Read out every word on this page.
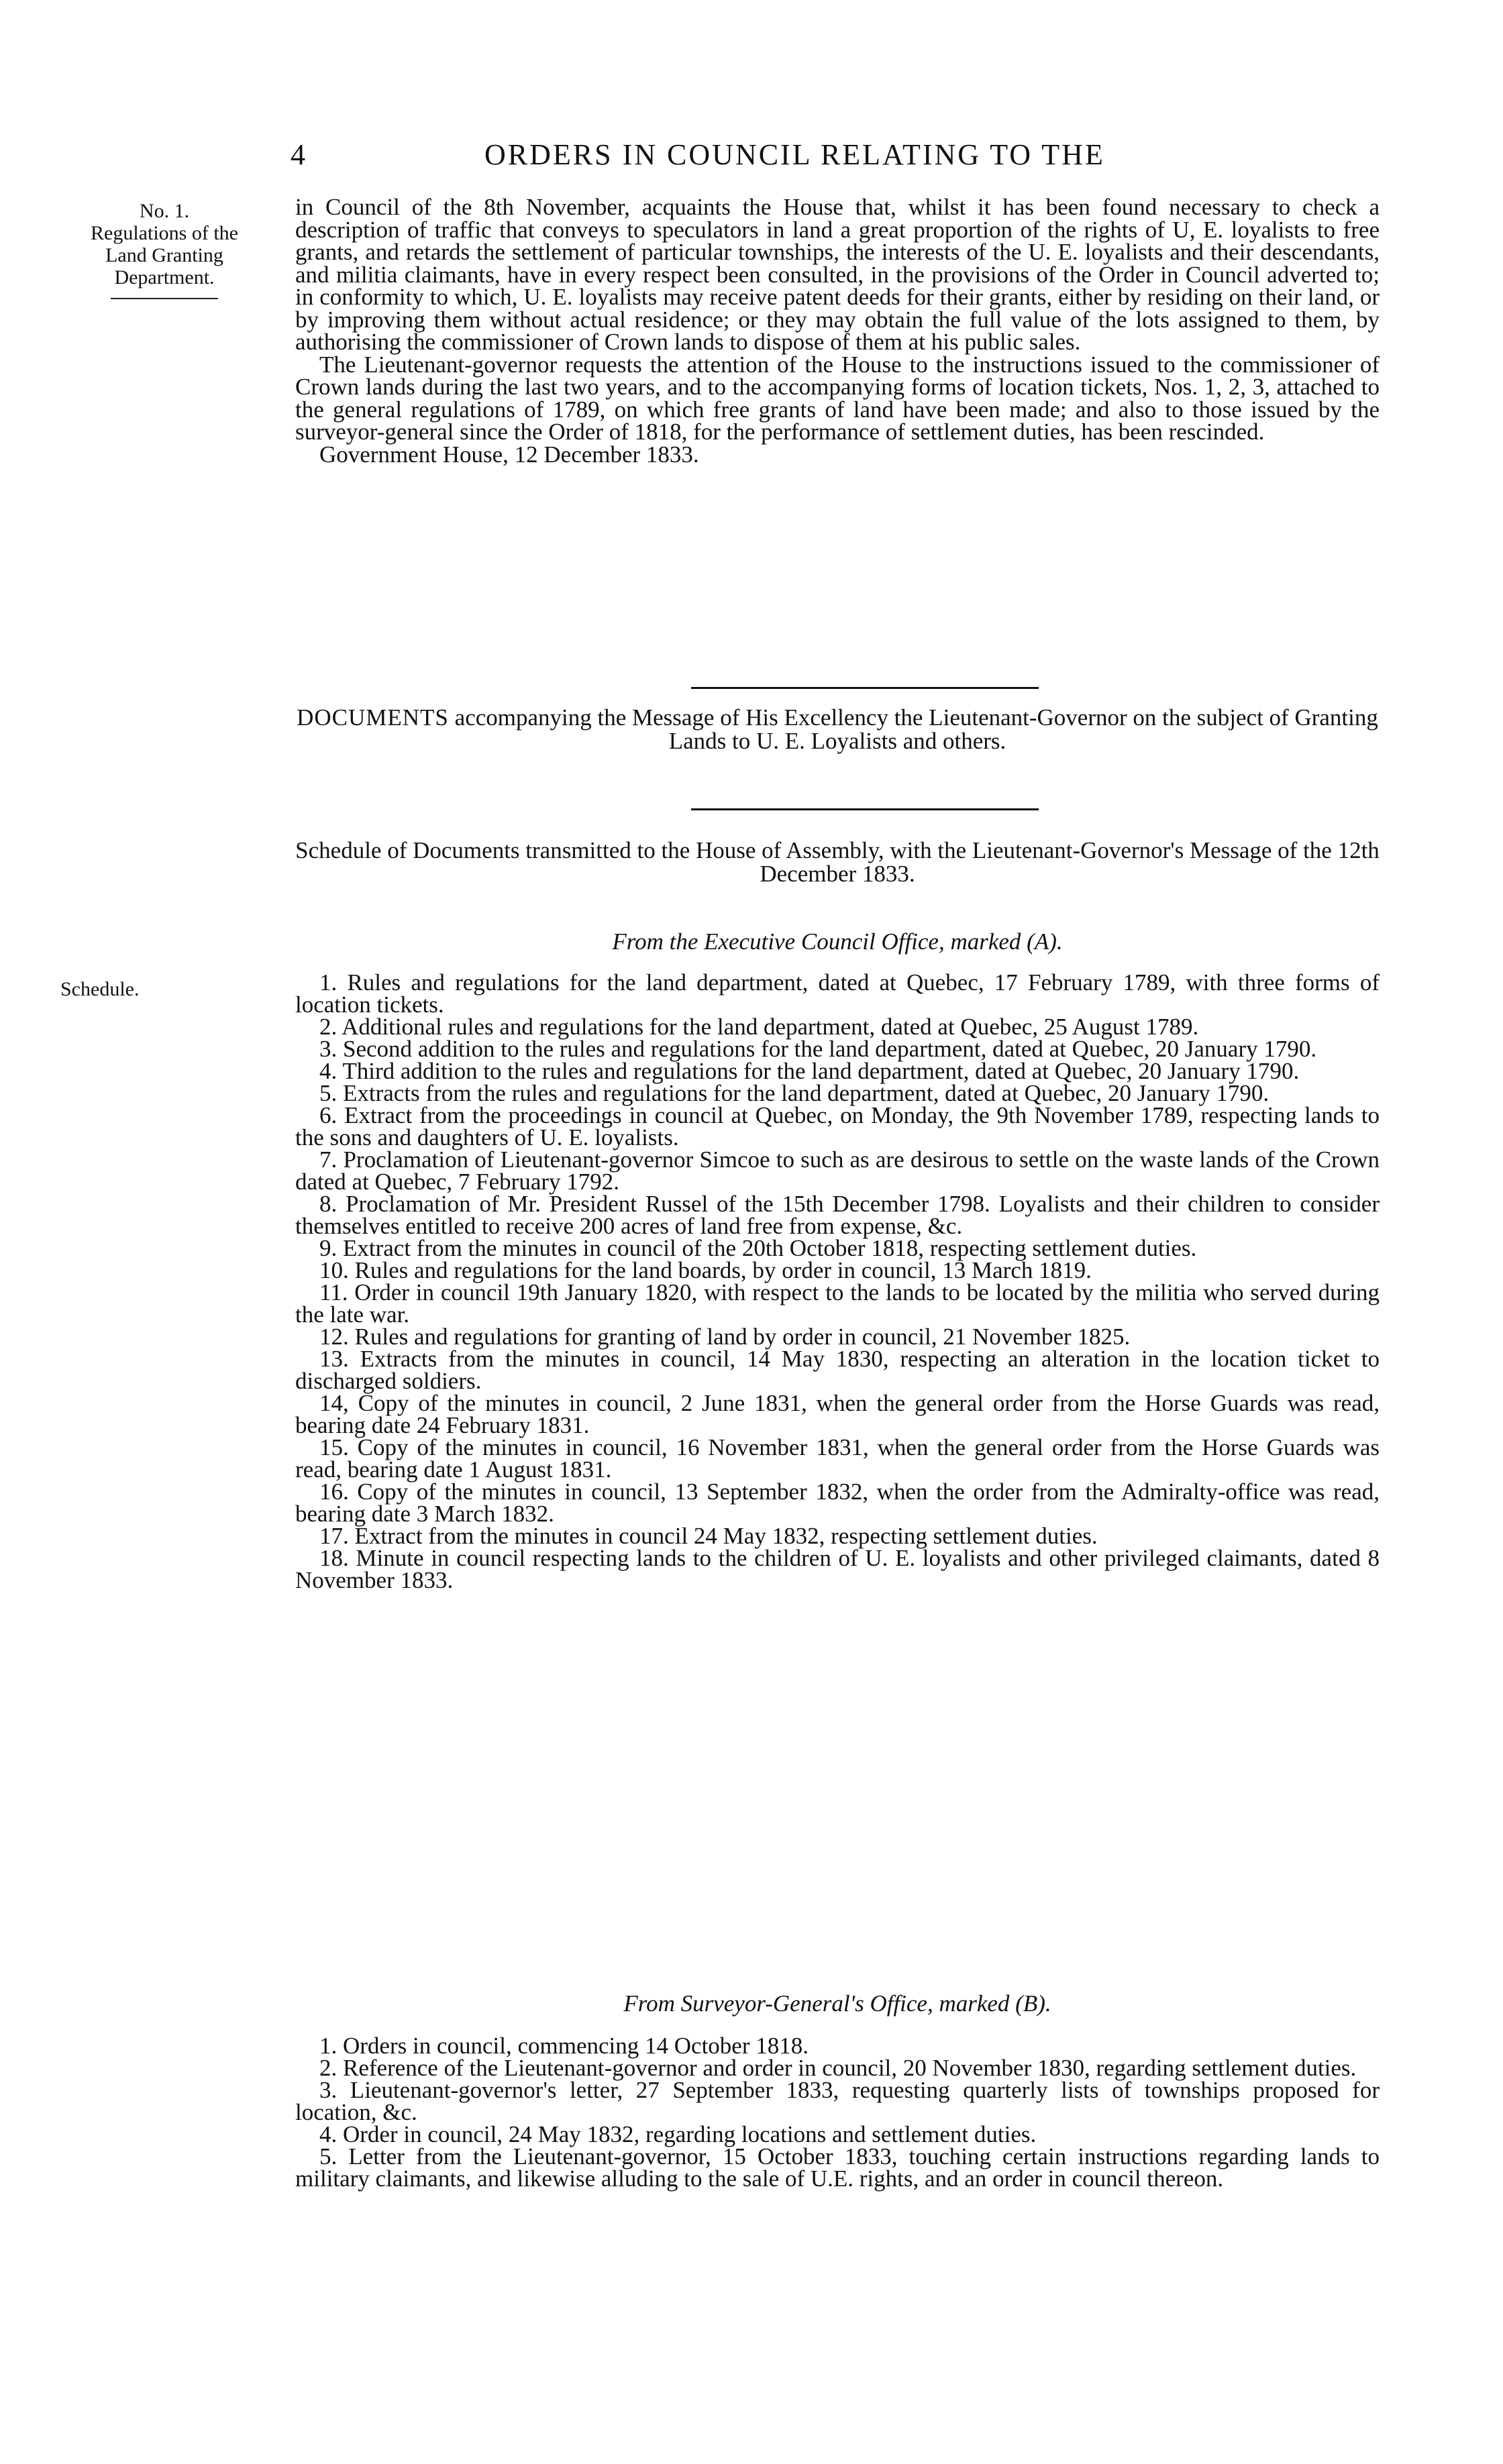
4	ORDERS IN COUNCIL RELATING TO THE
No. 1.
Regulations of the
Land Granting
Department.

in Council of the 8th November, acquaints the House that, whilst it has been found necessary to check a description of traffic that conveys to speculators in land a great proportion of the rights of U, E. loyalists to free grants, and retards the settlement of particular townships, the interests of the U. E. loyalists and their descendants, and militia claimants, have in every respect been consulted, in the provisions of the Order in Council adverted to; in conformity to which, U. E. loyalists may receive patent deeds for their grants, either by residing on their land, or by improving them without actual residence; or they may obtain the full value of the lots assigned to them, by authorising the commissioner of Crown lands to dispose of them at his public sales.

The Lieutenant-governor requests the attention of the House to the instructions issued to the commissioner of Crown lands during the last two years, and to the accompanying forms of location tickets, Nos. 1, 2, 3, attached to the general regulations of 1789, on which free grants of land have been made; and also to those issued by the surveyor-general since the Order of 1818, for the performance of settlement duties, has been rescinded.

Government House, 12 December 1833.

DOCUMENTS accompanying the Message of His Excellency the Lieutenant-Governor on the subject of Granting Lands to U. E. Loyalists and others.
Schedule of Documents transmitted to the House of Assembly, with the Lieutenant-Governor's Message of the 12th December 1833.
From the Executive Council Office, marked (A).
Schedule.	1. Rules and regulations for the land department, dated at Quebec, 17 February 1789, with three forms of location tickets.
2. Additional rules and regulations for the land department, dated at Quebec, 25 August 1789.
3. Second addition to the rules and regulations for the land department, dated at Quebec, 20 January 1790.
4. Third addition to the rules and regulations for the land department, dated at Quebec, 20 January 1790.
5. Extracts from the rules and regulations for the land department, dated at Quebec, 20 January 1790.
6. Extract from the proceedings in council at Quebec, on Monday, the 9th November 1789, respecting lands to the sons and daughters of U. E. loyalists.
7. Proclamation of Lieutenant-governor Simcoe to such as are desirous to settle on the waste lands of the Crown dated at Quebec, 7 February 1792.
8. Proclamation of Mr. President Russel of the 15th December 1798. Loyalists and their children to consider themselves entitled to receive 200 acres of land free from expense, &c.
9. Extract from the minutes in council of the 20th October 1818, respecting settlement duties.
10. Rules and regulations for the land boards, by order in council, 13 March 1819.
11. Order in council 19th January 1820, with respect to the lands to be located by the militia who served during the late war.
12. Rules and regulations for granting of land by order in council, 21 November 1825.
13. Extracts from the minutes in council, 14 May 1830, respecting an alteration in the location ticket to discharged soldiers.
14, Copy of the minutes in council, 2 June 1831, when the general order from the Horse Guards was read, bearing date 24 February 1831.
15. Copy of the minutes in council, 16 November 1831, when the general order from the Horse Guards was read, bearing date 1 August 1831.
16. Copy of the minutes in council, 13 September 1832, when the order from the Admiralty-office was read, bearing date 3 March 1832.
17. Extract from the minutes in council 24 May 1832, respecting settlement duties.
18. Minute in council respecting lands to the children of U. E. loyalists and other privileged claimants, dated 8 November 1833.
From Surveyor-General's Office, marked (B).
1. Orders in council, commencing 14 October 1818.
2. Reference of the Lieutenant-governor and order in council, 20 November 1830, regarding settlement duties.
3. Lieutenant-governor's letter, 27 September 1833, requesting quarterly lists of townships proposed for location, &c.
4. Order in council, 24 May 1832, regarding locations and settlement duties.
5. Letter from the Lieutenant-governor, 15 October 1833, touching certain instructions regarding lands to military claimants, and likewise alluding to the sale of U.E. rights, and an order in council thereon.
